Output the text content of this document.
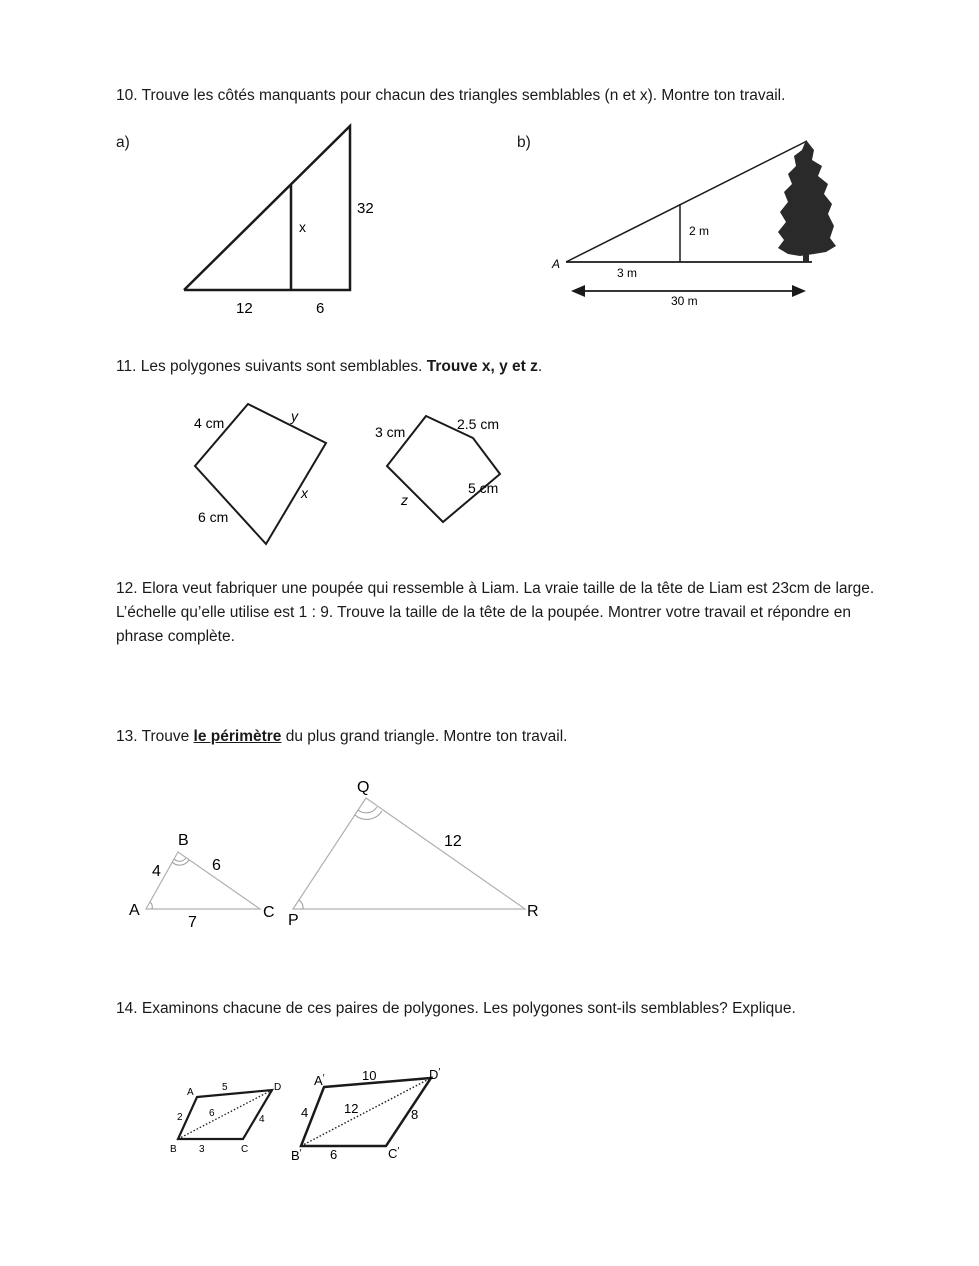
10. Trouve les côtés manquants pour chacun des triangles semblables (n et x). Montre ton travail.
a)	b)
x
32
12	6
A
2 m
3 m
30 m
4 cm	y
6 cm
x
3 cm	2.5 cm
5 cm
z
A
B
C
4	6
7
Q
P
R
12
A	D
B	C
5
2	6
4
3
A′	D′
B′	C′
10
4	12	8
6
11. Les polygones suivants sont semblables. Trouve x, y et z.
12. Elora veut fabriquer une poupée qui ressemble à Liam. La vraie taille de la tête de Liam est 23cm de large. L’échelle qu’elle utilise est 1 : 9. Trouve la taille de la tête de la poupée. Montrer votre travail et répondre en phrase complète.
13. Trouve le périmètre du plus grand triangle. Montre ton travail.
14. Examinons chacune de ces paires de polygones. Les polygones sont-ils semblables? Explique.
